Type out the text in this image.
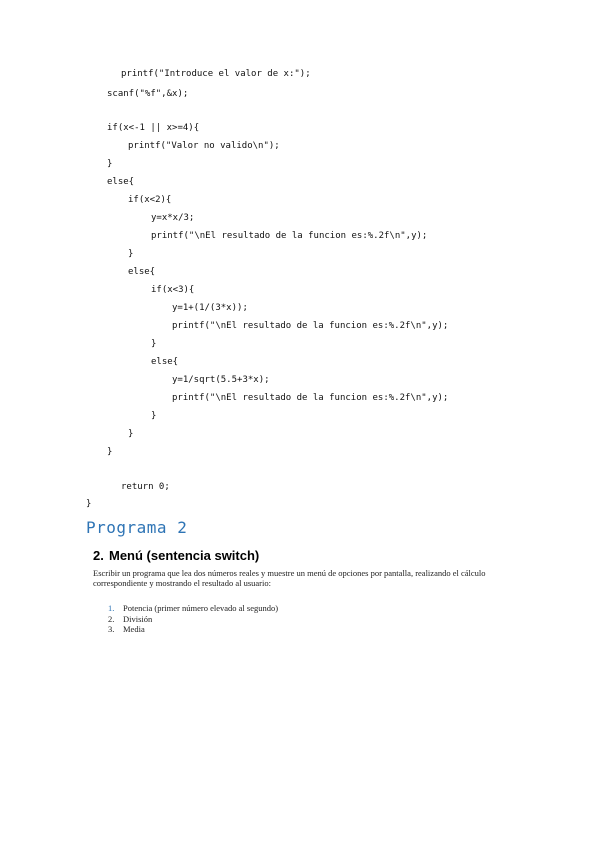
printf("Introduce el valor de x:");
scanf("%f",&x);
if(x<-1 || x>=4){
printf("Valor no valido\n");
}
else{
if(x<2){
y=x*x/3;
printf("\nEl resultado de la funcion es:%.2f\n",y);
}
else{
if(x<3){
y=1+(1/(3*x));
printf("\nEl resultado de la funcion es:%.2f\n",y);
}
else{
y=1/sqrt(5.5+3*x);
printf("\nEl resultado de la funcion es:%.2f\n",y);
}
}
}
return 0;
}
Programa 2
2. Menú (sentencia switch)
Escribir un programa que lea dos números reales y muestre un menú de opciones por pantalla, realizando el cálculo correspondiente y mostrando el resultado al usuario:
1. Potencia (primer número elevado al segundo)
2. División
3. Media
